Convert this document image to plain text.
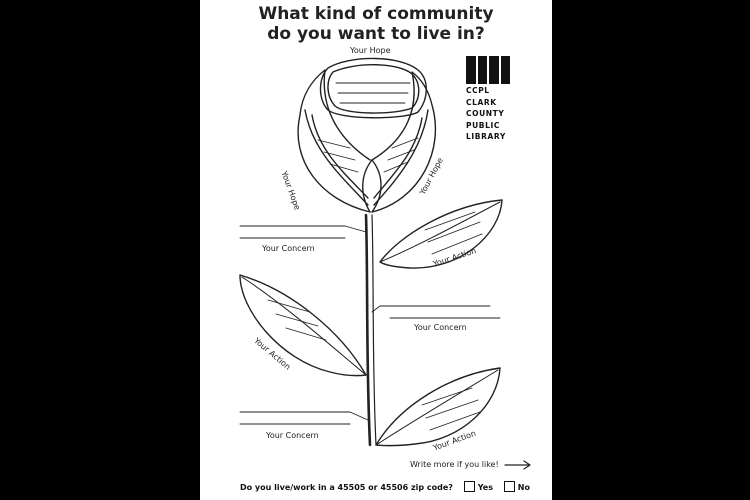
What kind of community
do you want to live in?
Your Hope
Your Hope	Your Hope
Your Concern	Your Action
Your Concern
Your Action
Your Concern	Your Action
CCPL
CLARK
COUNTY
PUBLIC
LIBRARY
Write more if you like!
Do you live/work in a 45505 or 45506 zip code?	Yes	No
